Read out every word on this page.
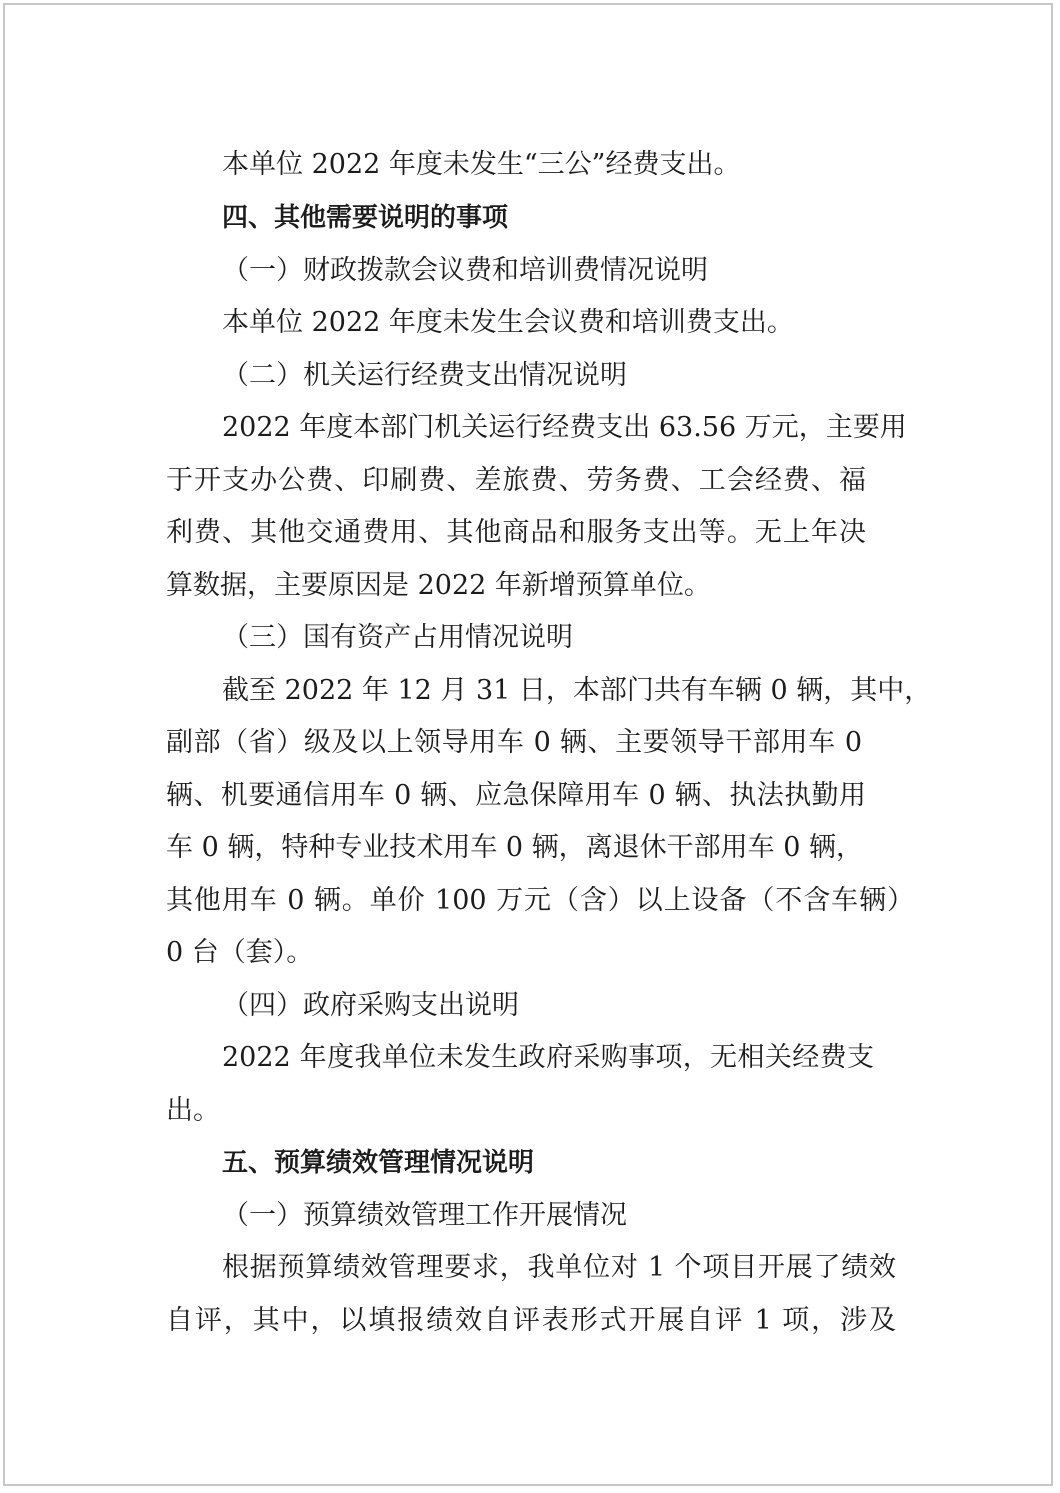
本单位 2022 年度未发生“三公”经费支出。
四、其他需要说明的事项
（一）财政拨款会议费和培训费情况说明
本单位 2022 年度未发生会议费和培训费支出。
（二）机关运行经费支出情况说明
2022 年度本部门机关运行经费支出 63.56 万元，主要用
于开支办公费、印刷费、差旅费、劳务费、工会经费、福
利费、其他交通费用、其他商品和服务支出等。无上年决
算数据，主要原因是 2022 年新增预算单位。
（三）国有资产占用情况说明
截至 2022 年 12 月 31 日，本部门共有车辆 0 辆，其中，
副部（省）级及以上领导用车 0 辆、主要领导干部用车 0
辆、机要通信用车 0 辆、应急保障用车 0 辆、执法执勤用
车 0 辆，特种专业技术用车 0 辆，离退休干部用车 0 辆，
其他用车 0 辆。单价 100 万元（含）以上设备（不含车辆）
0 台（套）。
（四）政府采购支出说明
2022 年度我单位未发生政府采购事项，无相关经费支
出。
五、预算绩效管理情况说明
（一）预算绩效管理工作开展情况
根据预算绩效管理要求，我单位对 1 个项目开展了绩效
自评，其中，以填报绩效自评表形式开展自评 1 项，涉及
